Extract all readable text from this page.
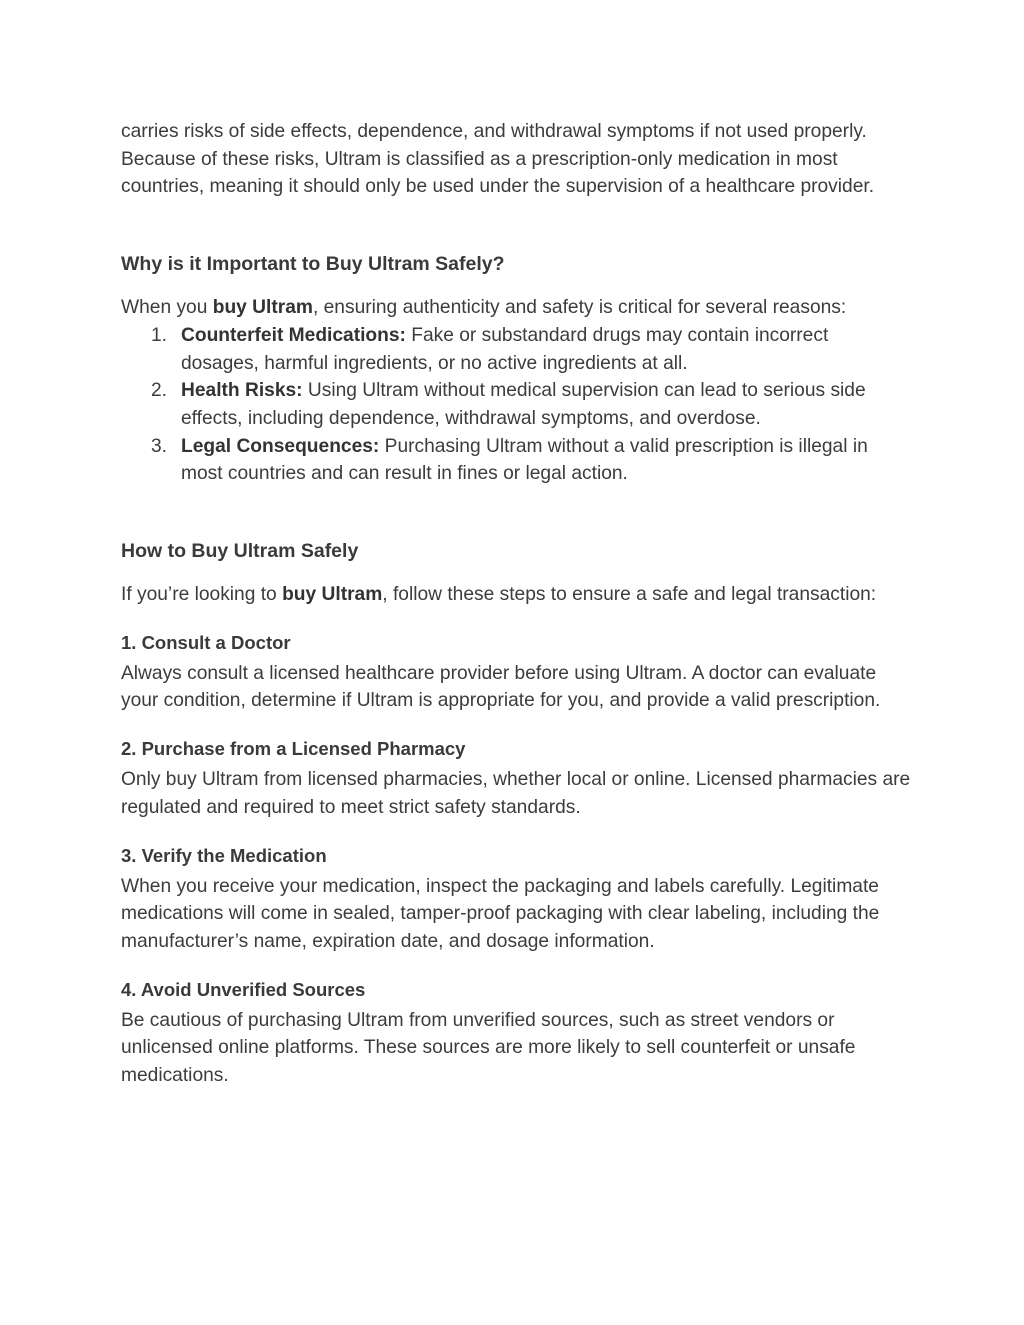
carries risks of side effects, dependence, and withdrawal symptoms if not used properly.

Because of these risks, Ultram is classified as a prescription-only medication in most countries, meaning it should only be used under the supervision of a healthcare provider.

Why is it Important to Buy Ultram Safely?

When you buy Ultram, ensuring authenticity and safety is critical for several reasons:

1. Counterfeit Medications: Fake or substandard drugs may contain incorrect dosages, harmful ingredients, or no active ingredients at all.
2. Health Risks: Using Ultram without medical supervision can lead to serious side effects, including dependence, withdrawal symptoms, and overdose.
3. Legal Consequences: Purchasing Ultram without a valid prescription is illegal in most countries and can result in fines or legal action.
How to Buy Ultram Safely

If you’re looking to buy Ultram, follow these steps to ensure a safe and legal transaction:

1. Consult a Doctor

Always consult a licensed healthcare provider before using Ultram. A doctor can evaluate your condition, determine if Ultram is appropriate for you, and provide a valid prescription.

2. Purchase from a Licensed Pharmacy

Only buy Ultram from licensed pharmacies, whether local or online. Licensed pharmacies are regulated and required to meet strict safety standards.

3. Verify the Medication

When you receive your medication, inspect the packaging and labels carefully. Legitimate medications will come in sealed, tamper-proof packaging with clear labeling, including the manufacturer’s name, expiration date, and dosage information.

4. Avoid Unverified Sources

Be cautious of purchasing Ultram from unverified sources, such as street vendors or unlicensed online platforms. These sources are more likely to sell counterfeit or unsafe medications.
